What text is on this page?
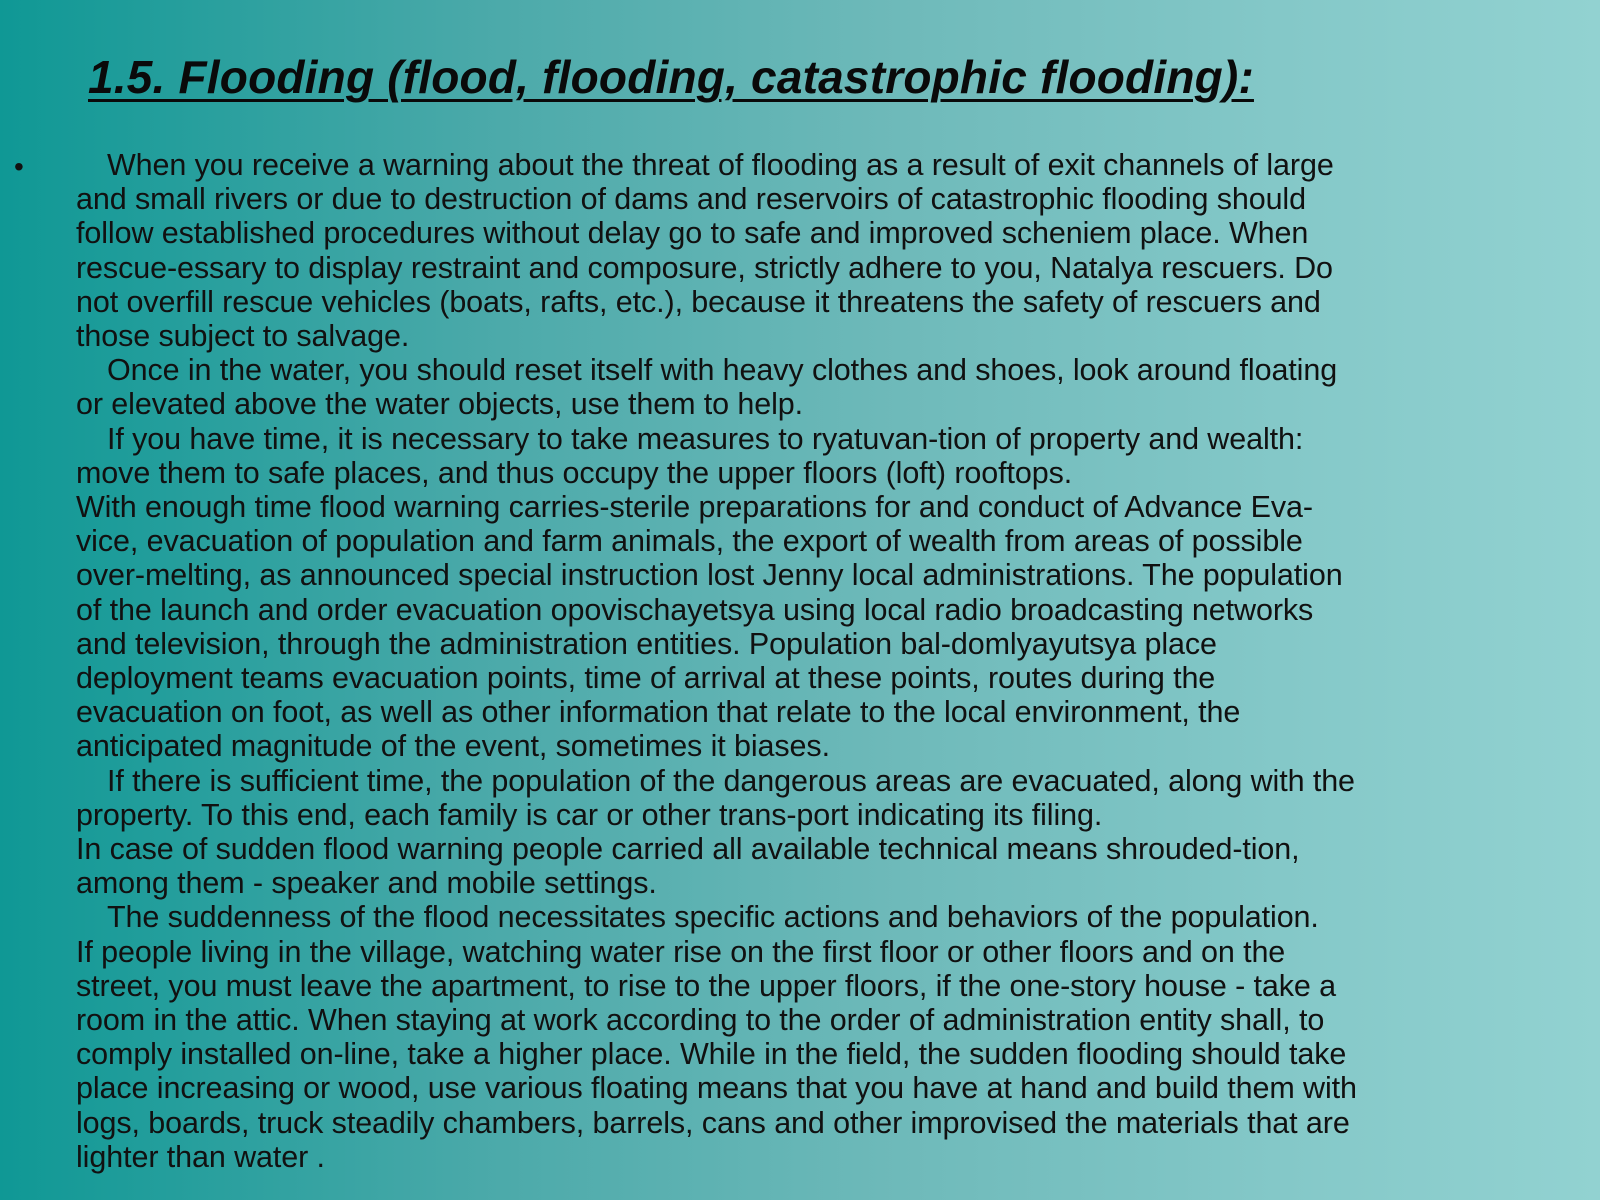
1.5. Flooding (flood, flooding, catastrophic flooding):
•	When you receive a warning about the threat of flooding as a result of exit channels of large
and small rivers or due to destruction of dams and reservoirs of catastrophic flooding should
follow established procedures without delay go to safe and improved scheniem place. When
rescue-essary to display restraint and composure, strictly adhere to you, Natalya rescuers. Do
not overfill rescue vehicles (boats, rafts, etc.), because it threatens the safety of rescuers and
those subject to salvage.
Once in the water, you should reset itself with heavy clothes and shoes, look around floating
or elevated above the water objects, use them to help.
If you have time, it is necessary to take measures to ryatuvan-tion of property and wealth:
move them to safe places, and thus occupy the upper floors (loft) rooftops.
With enough time flood warning carries-sterile preparations for and conduct of Advance Eva-
vice, evacuation of population and farm animals, the export of wealth from areas of possible
over-melting, as announced special instruction lost Jenny local administrations. The population
of the launch and order evacuation opovischayetsya using local radio broadcasting networks
and television, through the administration entities. Population bal-domlyayutsya place
deployment teams evacuation points, time of arrival at these points, routes during the
evacuation on foot, as well as other information that relate to the local environment, the
anticipated magnitude of the event, sometimes it biases.
If there is sufficient time, the population of the dangerous areas are evacuated, along with the
property. To this end, each family is car or other trans-port indicating its filing.
In case of sudden flood warning people carried all available technical means shrouded-tion,
among them - speaker and mobile settings.
The suddenness of the flood necessitates specific actions and behaviors of the population.
If people living in the village, watching water rise on the first floor or other floors and on the
street, you must leave the apartment, to rise to the upper floors, if the one-story house - take a
room in the attic. When staying at work according to the order of administration entity shall, to
comply installed on-line, take a higher place. While in the field, the sudden flooding should take
place increasing or wood, use various floating means that you have at hand and build them with
logs, boards, truck steadily chambers, barrels, cans and other improvised the materials that are
lighter than water .
